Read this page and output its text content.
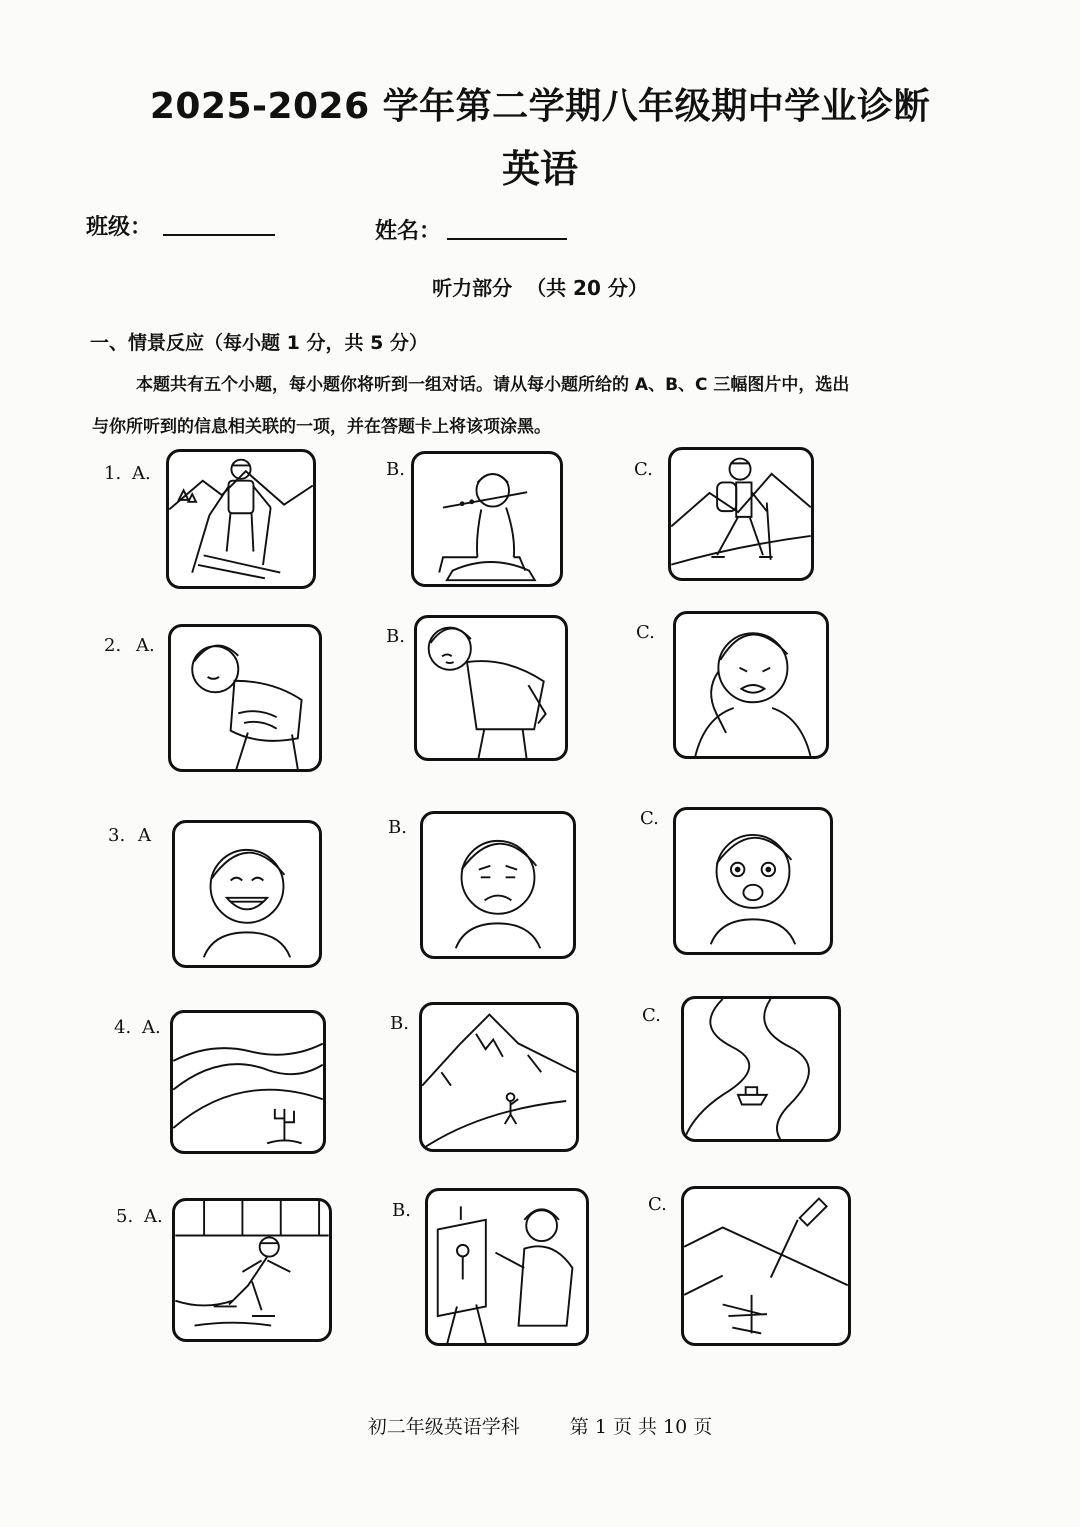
2025-2026 学年第二学期八年级期中学业诊断
英语
班级：	姓名：
听力部分  （共 20 分）
一、情景反应（每小题 1 分，共 5 分）
本题共有五个小题，每小题你将听到一组对话。请从每小题所给的 A、B、C 三幅图片中，选出
与你所听到的信息相关联的一项，并在答题卡上将该项涂黑。
1. A.	B.	C.
2. A.	B.	C.
3. A	B.	C.
4. A.	B.	C.
5. A.	B.	C.
初二年级英语学科	第 1 页 共 10 页
